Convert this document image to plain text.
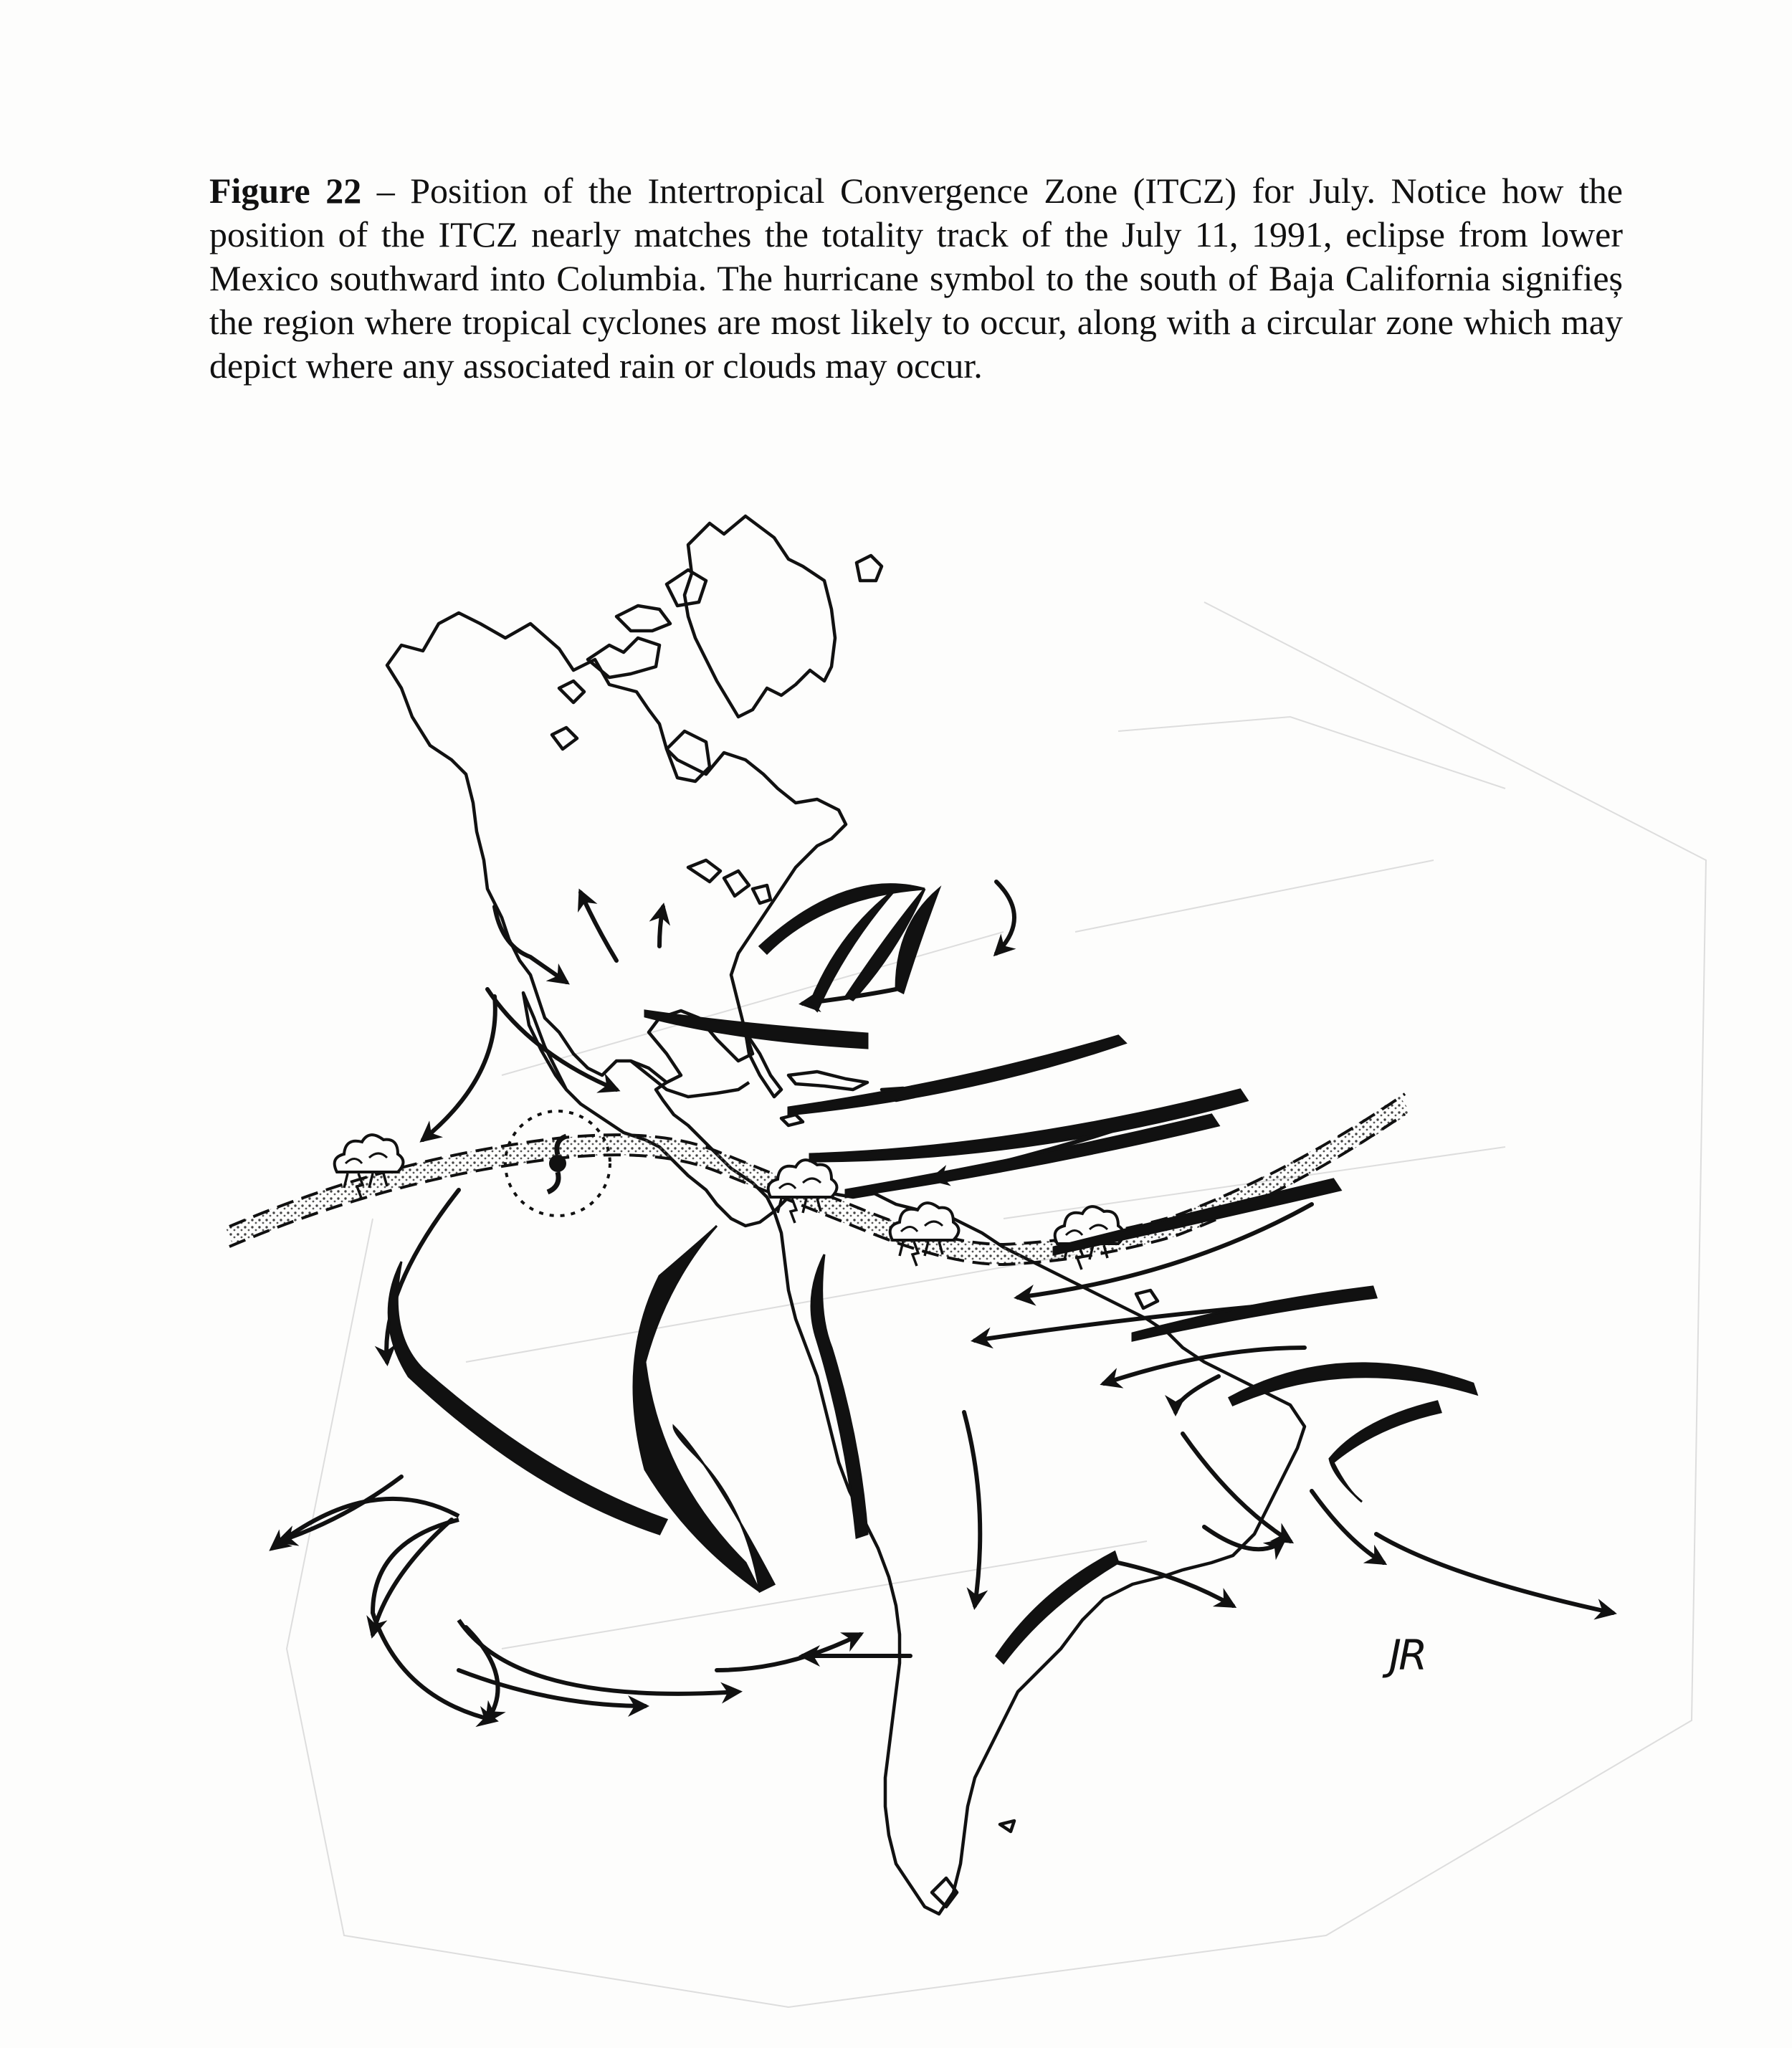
Figure 22 – Position of the Intertropical Convergence Zone (ITCZ) for July. Notice how the position of the ITCZ nearly matches the totality track of the July 11, 1991, eclipse from lower Mexico southward into Columbia. The hurricane symbol to the south of Baja California signifieș the region where tropical cyclones are most likely to occur, along with a circular zone which may depict where any associated rain or clouds may occur.
JR
